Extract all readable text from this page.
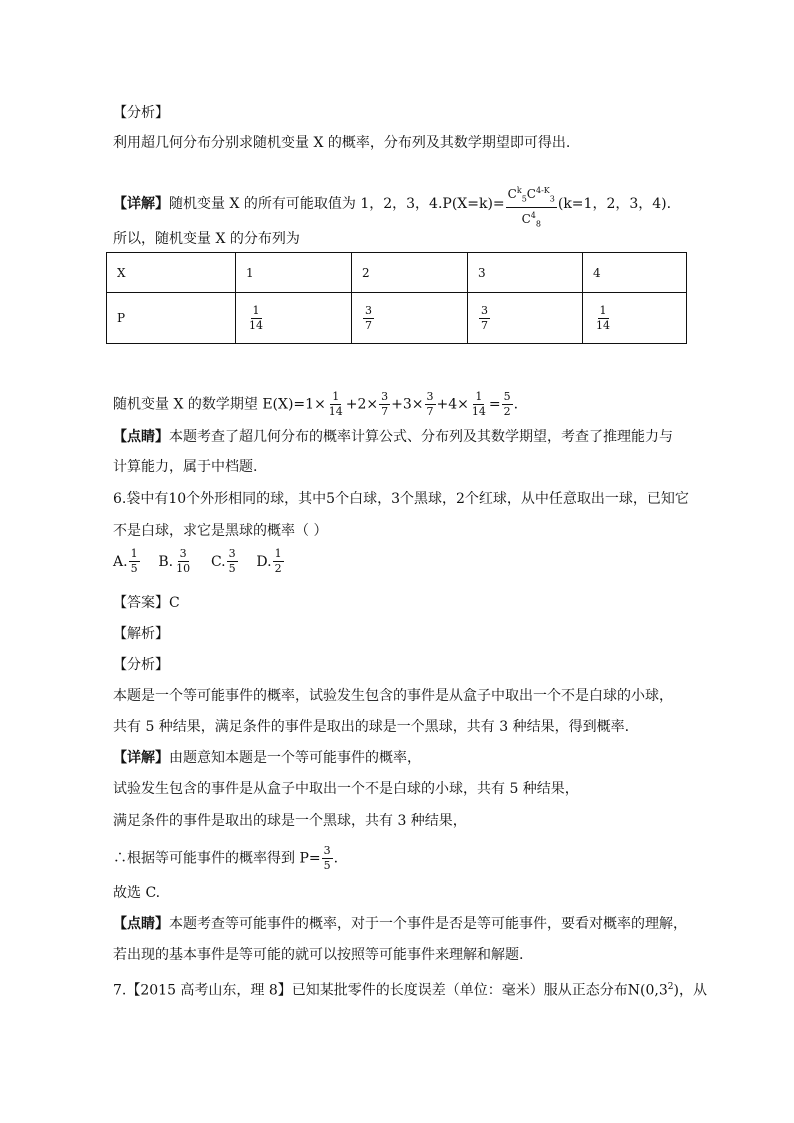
【分析】
利用超几何分布分别求随机变量 X 的概率，分布列及其数学期望即可得出.
【详解】随机变量 X 的所有可能取值为 1，2，3，$4.P(X=k)= \frac{C^k_5C^{4-K}_3}{C^4_8} (k=1$，2，3，4).
所以，随机变量 X 的分布列为
X	1	2	3	4
P	$\frac{1}{14}$	$\frac{3}{7}$	$\frac{3}{7}$	$\frac{1}{14}$
随机变量 X 的数学期望 $E(X)=1\times \frac{1}{14} +2\times \frac{3}{7} +3\times \frac{3}{7} +4\times \frac{1}{14} = \frac{5}{2}$ .
【点睛】本题考查了超几何分布的概率计算公式、分布列及其数学期望，考查了推理能力与
计算能力，属于中档题.
6.袋中有10个外形相同的球，其中5个白球，3个黑球，2个红球，从中任意取出一球，已知它
不是白球，求它是黑球的概率（ ）
A. $\frac{1}{5} B$. $\frac{3}{10} C$. $\frac{3}{5} D$. $\frac{1}{2}$
【答案】C
【解析】
【分析】
本题是一个等可能事件的概率，试验发生包含的事件是从盒子中取出一个不是白球的小球，
共有 5 种结果，满足条件的事件是取出的球是一个黑球，共有 3 种结果，得到概率.
【详解】由题意知本题是一个等可能事件的概率，
试验发生包含的事件是从盒子中取出一个不是白球的小球，共有 5 种结果，
满足条件的事件是取出的球是一个黑球，共有 3 种结果，
∴根据等可能事件的概率得到 $P= \frac{3}{5}$ .
故选 C.
【点睛】本题考查等可能事件的概率，对于一个事件是否是等可能事件，要看对概率的理解，
若出现的基本事件是等可能的就可以按照等可能事件来理解和解题.
7.【2015 高考山东，理 8】已知某批零件的长度误差（单位：毫米）服从正态分布$N(0,3^2)$，从
